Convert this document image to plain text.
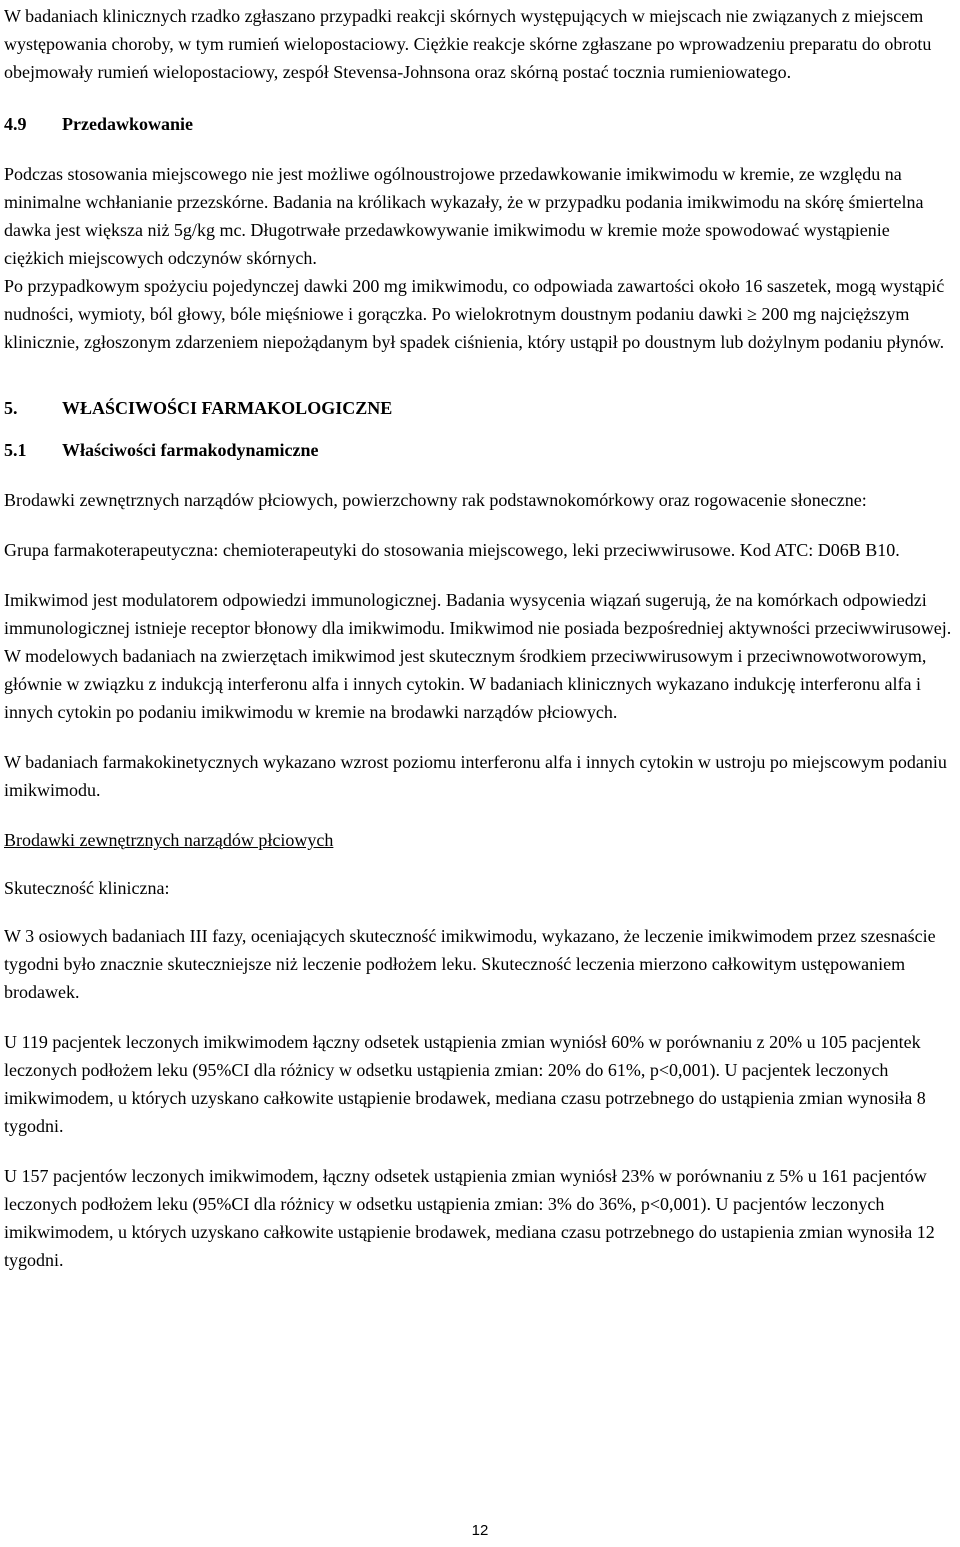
W badaniach klinicznych rzadko zgłaszano przypadki reakcji skórnych występujących w miejscach nie związanych z miejscem występowania choroby, w tym rumień wielopostaciowy. Ciężkie reakcje skórne zgłaszane po wprowadzeniu preparatu do obrotu obejmowały rumień wielopostaciowy, zespół Stevensa-Johnsona oraz skórną postać tocznia rumieniowatego.

4.9 Przedawkowanie

Podczas stosowania miejscowego nie jest możliwe ogólnoustrojowe przedawkowanie imikwimodu w kremie, ze względu na minimalne wchłanianie przezskórne. Badania na królikach wykazały, że w przypadku podania imikwimodu na skórę śmiertelna dawka jest większa niż 5g/kg mc. Długotrwałe przedawkowywanie imikwimodu w kremie może spowodować wystąpienie ciężkich miejscowych odczynów skórnych.

Po przypadkowym spożyciu pojedynczej dawki 200 mg imikwimodu, co odpowiada zawartości około 16 saszetek, mogą wystąpić nudności, wymioty, ból głowy, bóle mięśniowe i gorączka. Po wielokrotnym doustnym podaniu dawki ≥ 200 mg najcięższym klinicznie, zgłoszonym zdarzeniem niepożądanym był spadek ciśnienia, który ustąpił po doustnym lub dożylnym podaniu płynów.

5. WŁAŚCIWOŚCI FARMAKOLOGICZNE
5.1 Właściwości farmakodynamiczne

Brodawki zewnętrznych narządów płciowych, powierzchowny rak podstawnokomórkowy oraz rogowacenie słoneczne:

Grupa farmakoterapeutyczna: chemioterapeutyki do stosowania miejscowego, leki przeciwwirusowe. Kod ATC: D06B B10.

Imikwimod jest modulatorem odpowiedzi immunologicznej. Badania wysycenia wiązań sugerują, że na komórkach odpowiedzi immunologicznej istnieje receptor błonowy dla imikwimodu. Imikwimod nie posiada bezpośredniej aktywności przeciwwirusowej. W modelowych badaniach na zwierzętach imikwimod jest skutecznym środkiem przeciwwirusowym i przeciwnowotworowym, głównie w związku z indukcją interferonu alfa i innych cytokin. W badaniach klinicznych wykazano indukcję interferonu alfa i innych cytokin po podaniu imikwimodu w kremie na brodawki narządów płciowych.

W badaniach farmakokinetycznych wykazano wzrost poziomu interferonu alfa i innych cytokin w ustroju po miejscowym podaniu imikwimodu.

Brodawki zewnętrznych narządów płciowych

Skuteczność kliniczna:

W 3 osiowych badaniach III fazy, oceniających skuteczność imikwimodu, wykazano, że leczenie imikwimodem przez szesnaście tygodni było znacznie skuteczniejsze niż leczenie podłożem leku. Skuteczność leczenia mierzono całkowitym ustępowaniem brodawek.

U 119 pacjentek leczonych imikwimodem łączny odsetek ustąpienia zmian wyniósł 60% w porównaniu z 20% u 105 pacjentek leczonych podłożem leku (95%CI dla różnicy w odsetku ustąpienia zmian: 20% do 61%, p<0,001). U pacjentek leczonych imikwimodem, u których uzyskano całkowite ustąpienie brodawek, mediana czasu potrzebnego do ustąpienia zmian wynosiła 8 tygodni.

U 157 pacjentów leczonych imikwimodem, łączny odsetek ustąpienia zmian wyniósł 23% w porównaniu z 5% u 161 pacjentów leczonych podłożem leku (95%CI dla różnicy w odsetku ustąpienia zmian: 3% do 36%, p<0,001). U pacjentów leczonych imikwimodem, u których uzyskano całkowite ustąpienie brodawek, mediana czasu potrzebnego do ustapienia zmian wynosiła 12 tygodni.

12
